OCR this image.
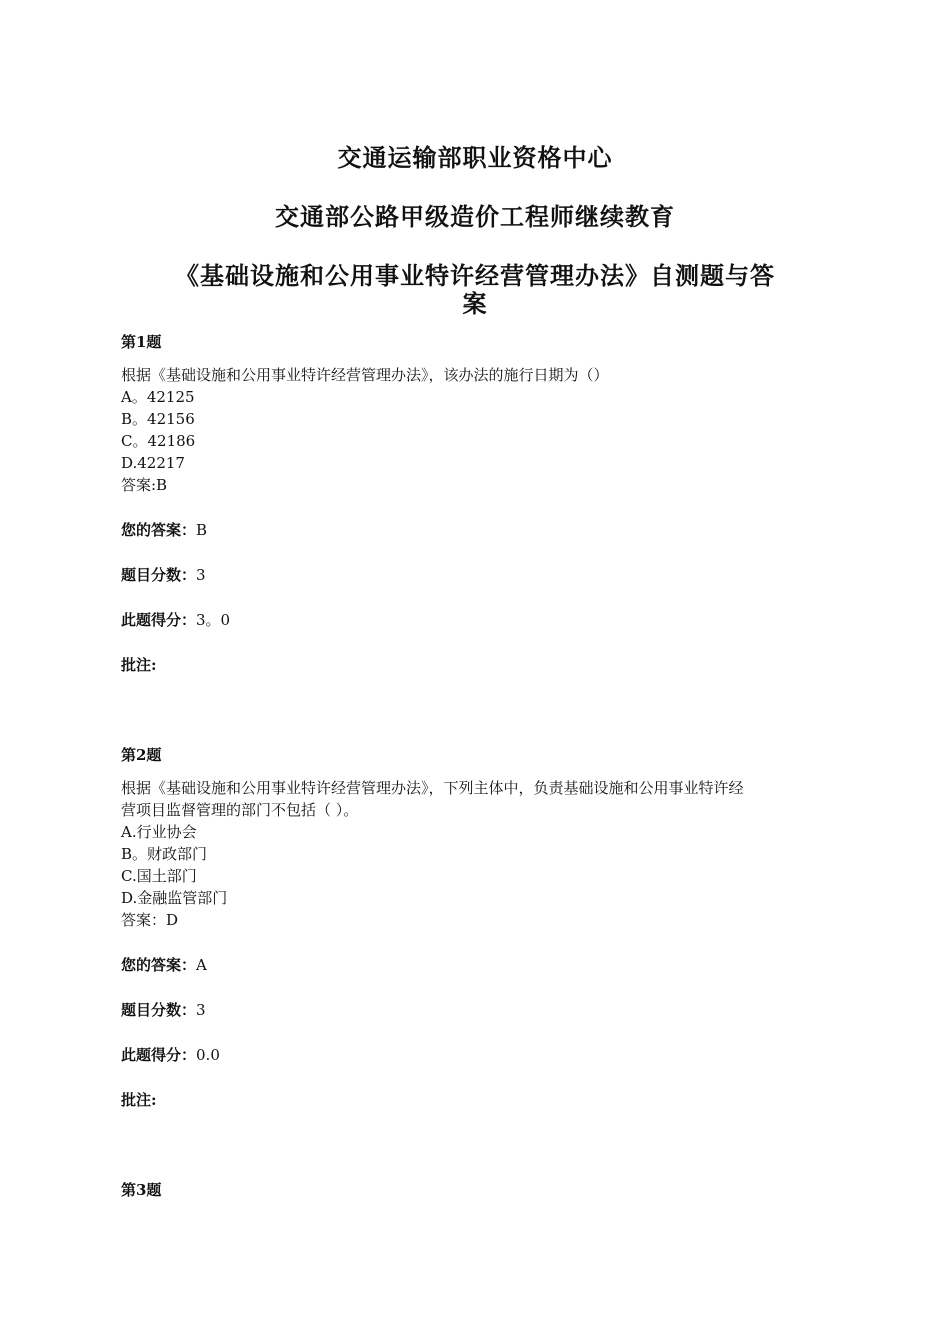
交通运输部职业资格中心

交通部公路甲级造价工程师继续教育

《基础设施和公用事业特许经营管理办法》自测题与答

案

第1题

根据《基础设施和公用事业特许经营管理办法》，该办法的施行日期为（）

A。42125

B。42156

C。42186

D.42217

答案:B

您的答案：B

题目分数：3

此题得分：3。0

批注:

第2题

根据《基础设施和公用事业特许经营管理办法》，下列主体中，负责基础设施和公用事业特许经

营项目监督管理的部门不包括（ ）。

A.行业协会

B。财政部门

C.国土部门

D.金融监管部门

答案：D

您的答案：A

题目分数：3

此题得分：0.0

批注:

第3题
